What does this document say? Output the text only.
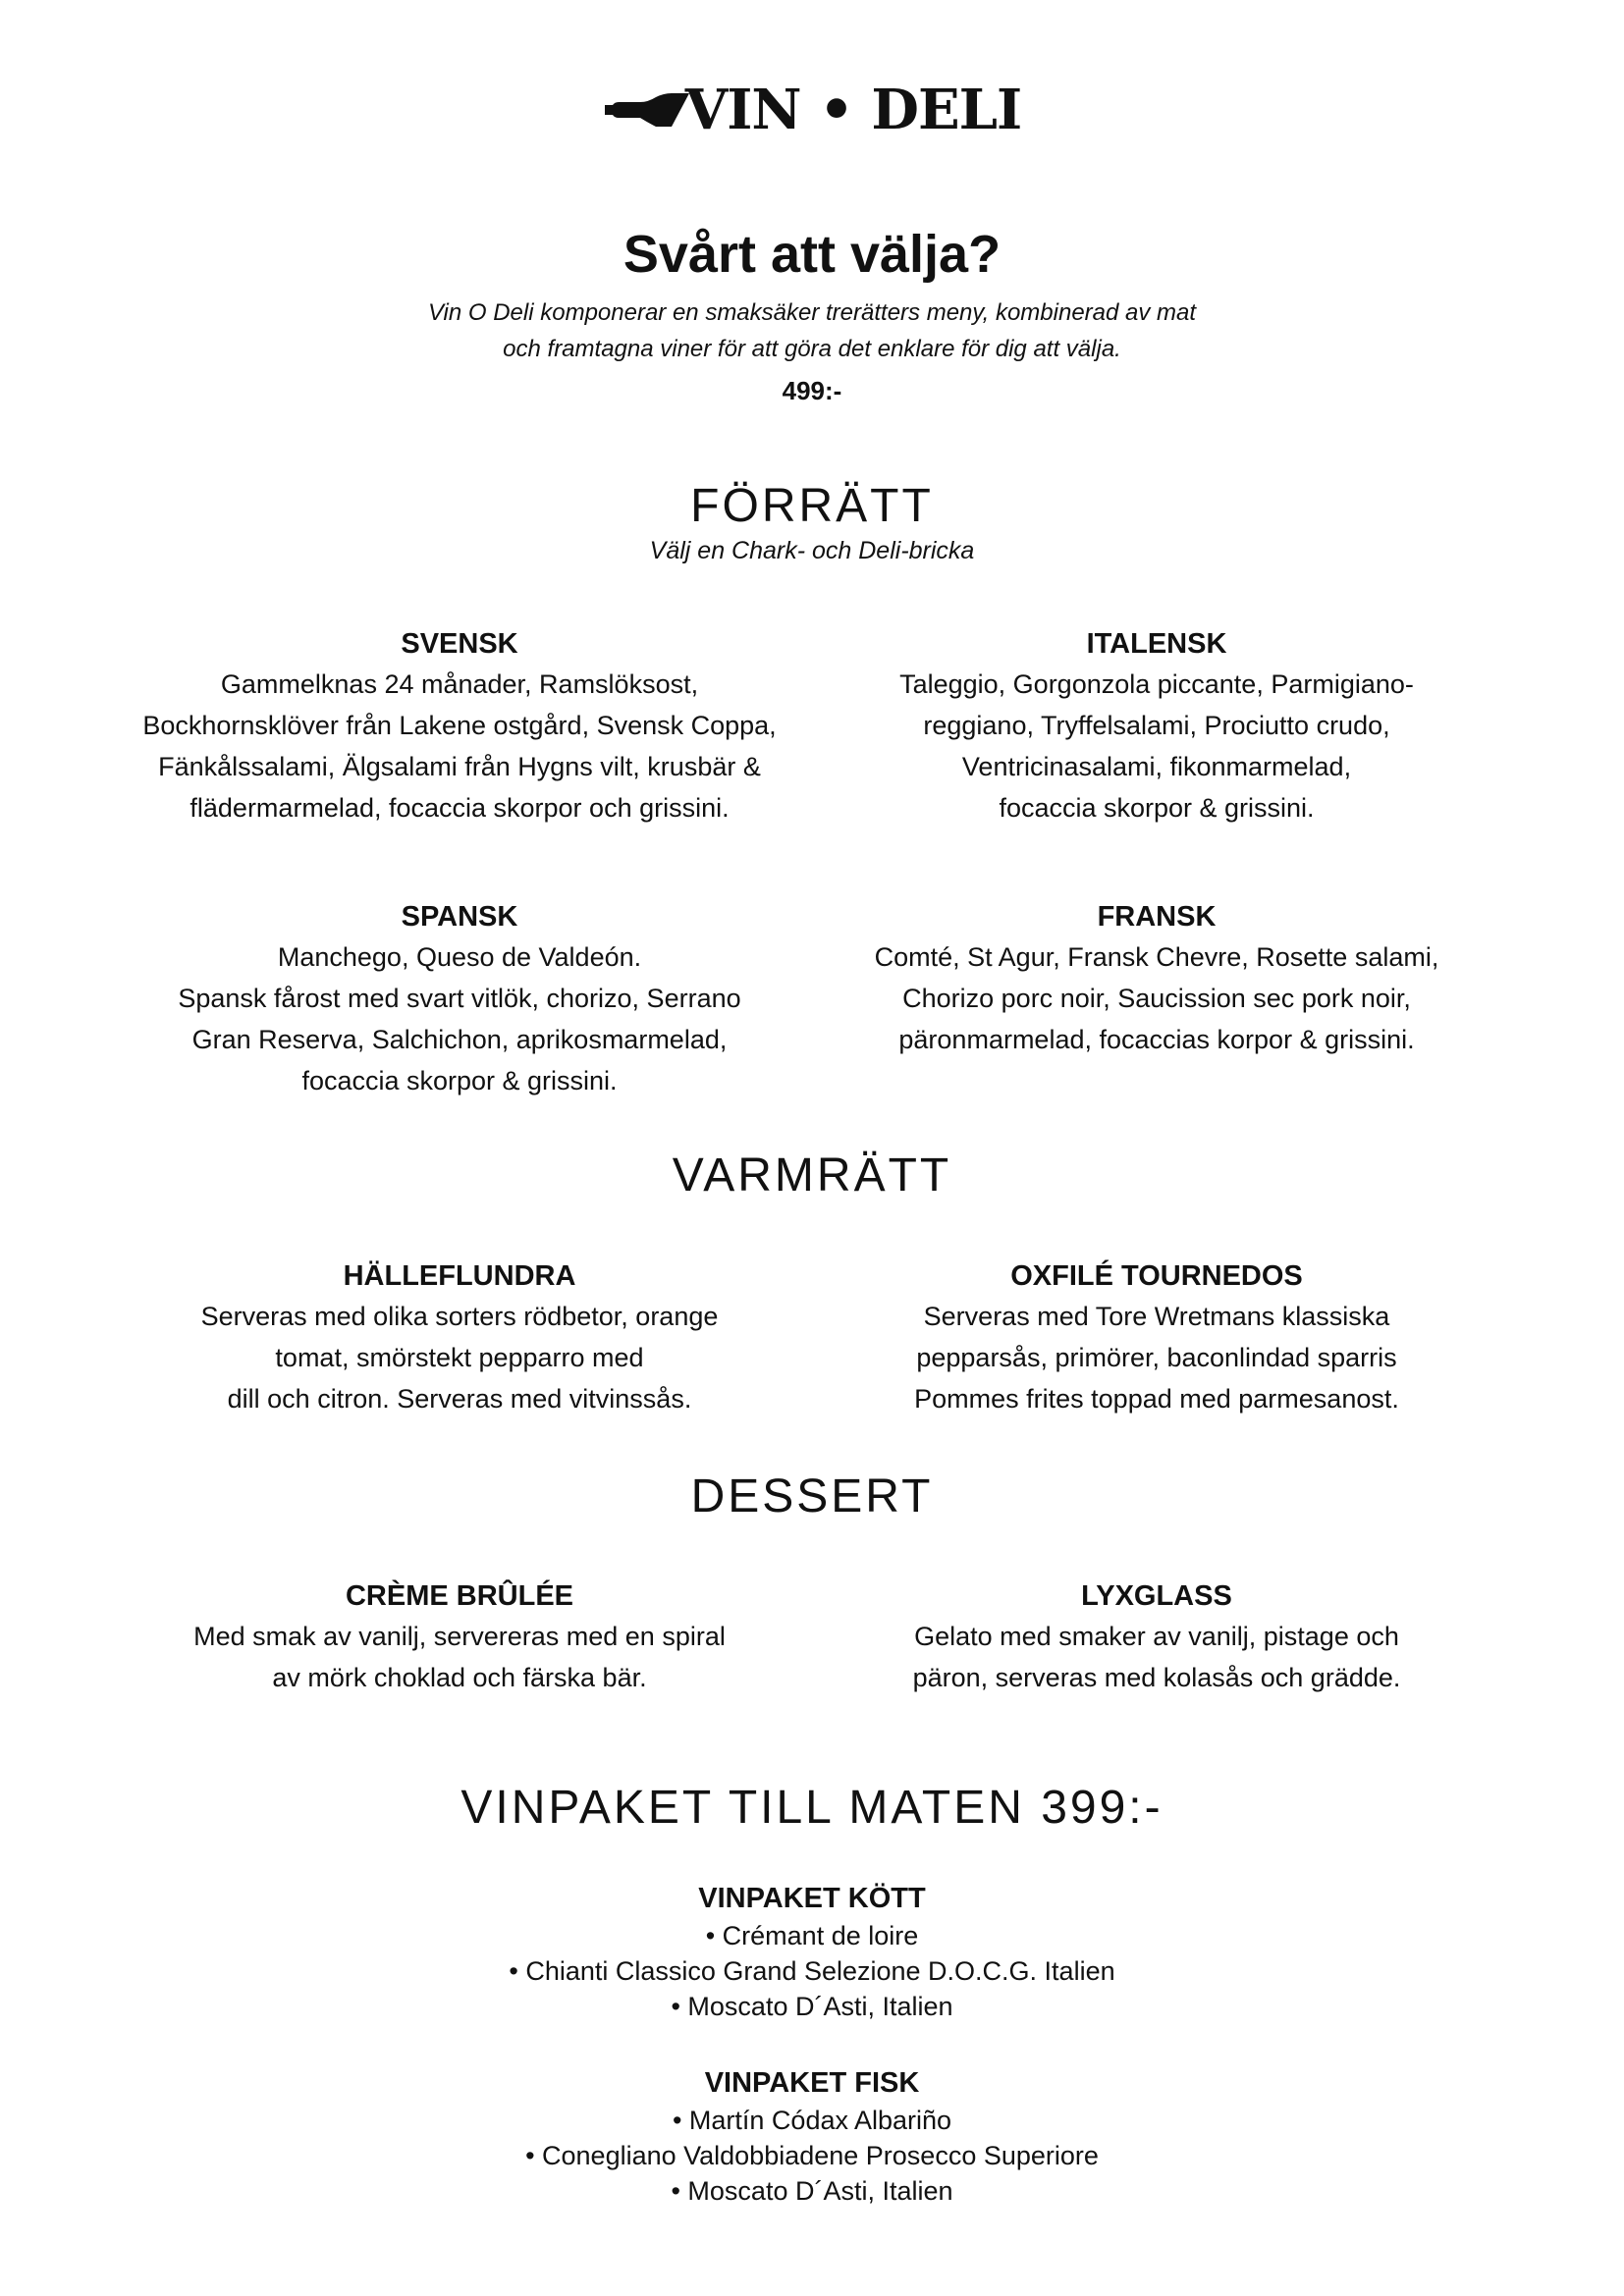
VIN • DELI
Svårt att välja?
Vin O Deli komponerar en smaksäker trerätters meny, kombinerad av mat
och framtagna viner för att göra det enklare för dig att välja.
499:-
FÖRRÄTT
Välj en Chark- och Deli-bricka
SVENSK
Gammelknas 24 månader, Ramslöksost,
Bockhornsklöver från Lakene ostgård, Svensk Coppa,
Fänkålssalami, Älgsalami från Hygns vilt, krusbär &
flädermarmelad, focaccia skorpor och grissini.
ITALENSK
Taleggio, Gorgonzola piccante, Parmigiano-
reggiano, Tryffelsalami, Prociutto crudo,
Ventricinasalami, fikonmarmelad,
focaccia skorpor & grissini.
SPANSK
Manchego, Queso de Valdeón.
Spansk fårost med svart vitlök, chorizo, Serrano
Gran Reserva, Salchichon, aprikosmarmelad,
focaccia skorpor & grissini.
FRANSK
Comté, St Agur, Fransk Chevre, Rosette salami,
Chorizo porc noir, Saucission sec pork noir,
päronmarmelad, focaccias korpor & grissini.
VARMRÄTT
HÄLLEFLUNDRA
Serveras med olika sorters rödbetor, orange
tomat, smörstekt pepparro med
dill och citron. Serveras med vitvinssås.
OXFILÉ TOURNEDOS
Serveras med Tore Wretmans klassiska
pepparsås, primörer, baconlindad sparris
Pommes frites toppad med parmesanost.
DESSERT
CRÈME BRÛLÉE
Med smak av vanilj, servereras med en spiral
av mörk choklad och färska bär.
LYXGLASS
Gelato med smaker av vanilj, pistage och
päron, serveras med kolasås och grädde.
VINPAKET TILL MATEN 399:-
VINPAKET KÖTT
• Crémant de loire
• Chianti Classico Grand Selezione D.O.C.G. Italien
• Moscato D´Asti, Italien
VINPAKET FISK
• Martín Códax Albariño
• Conegliano Valdobbiadene Prosecco Superiore
• Moscato D´Asti, Italien
